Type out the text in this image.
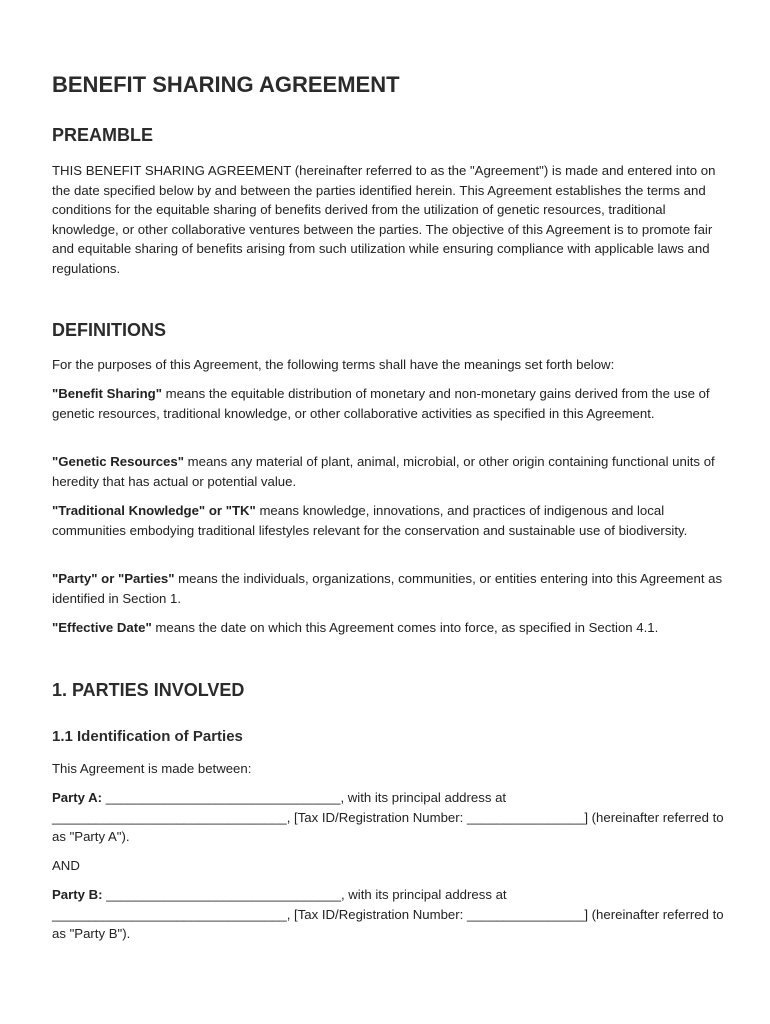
BENEFIT SHARING AGREEMENT
PREAMBLE

THIS BENEFIT SHARING AGREEMENT (hereinafter referred to as the "Agreement") is made and entered into on the date specified below by and between the parties identified herein. This Agreement establishes the terms and conditions for the equitable sharing of benefits derived from the utilization of genetic resources, traditional knowledge, or other collaborative ventures between the parties. The objective of this Agreement is to promote fair and equitable sharing of benefits arising from such utilization while ensuring compliance with applicable laws and regulations.

DEFINITIONS

For the purposes of this Agreement, the following terms shall have the meanings set forth below:

"Benefit Sharing" means the equitable distribution of monetary and non-monetary gains derived from the use of genetic resources, traditional knowledge, or other collaborative activities as specified in this Agreement.

"Genetic Resources" means any material of plant, animal, microbial, or other origin containing functional units of heredity that has actual or potential value.

"Traditional Knowledge" or "TK" means knowledge, innovations, and practices of indigenous and local communities embodying traditional lifestyles relevant for the conservation and sustainable use of biodiversity.

"Party" or "Parties" means the individuals, organizations, communities, or entities entering into this Agreement as identified in Section 1.

"Effective Date" means the date on which this Agreement comes into force, as specified in Section 4.1.

1. PARTIES INVOLVED
1.1 Identification of Parties

This Agreement is made between:

Party A: ________________________________, with its principal address at ________________________________, [Tax ID/Registration Number: ________________] (hereinafter referred to as "Party A").

AND

Party B: ________________________________, with its principal address at ________________________________, [Tax ID/Registration Number: ________________] (hereinafter referred to as "Party B").
